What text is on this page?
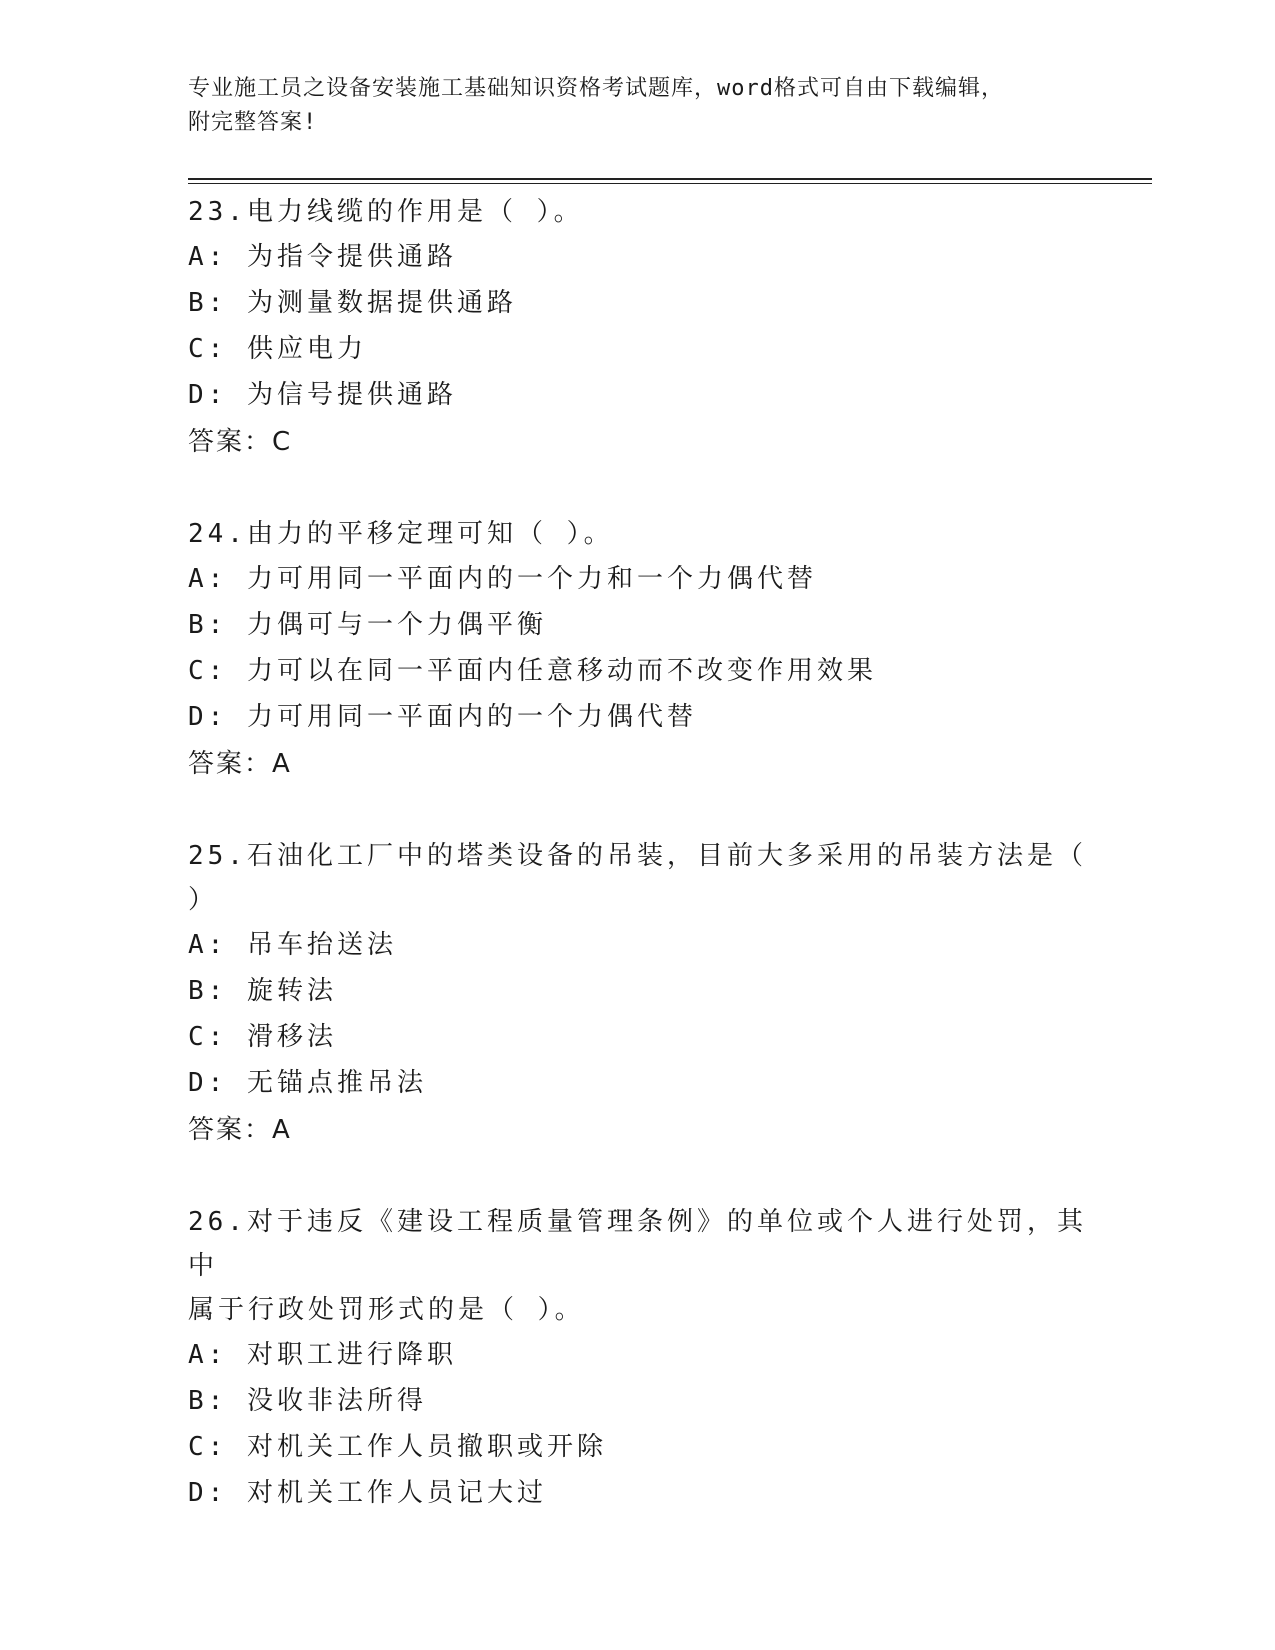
专业施工员之设备安装施工基础知识资格考试题库，word格式可自由下载编辑，
附完整答案!

23.电力线缆的作用是（ ）。

A: 为指令提供通路

B: 为测量数据提供通路

C: 供应电力

D: 为信号提供通路

答案：C

24.由力的平移定理可知（ ）。

A: 力可用同一平面内的一个力和一个力偶代替

B: 力偶可与一个力偶平衡

C: 力可以在同一平面内任意移动而不改变作用效果

D: 力可用同一平面内的一个力偶代替

答案：A

25.石油化工厂中的塔类设备的吊装，目前大多采用的吊装方法是（

）

A: 吊车抬送法

B: 旋转法

C: 滑移法

D: 无锚点推吊法

答案：A

26.对于违反《建设工程质量管理条例》的单位或个人进行处罚，其中

属于行政处罚形式的是（ ）。

A: 对职工进行降职

B: 没收非法所得

C: 对机关工作人员撤职或开除

D: 对机关工作人员记大过
